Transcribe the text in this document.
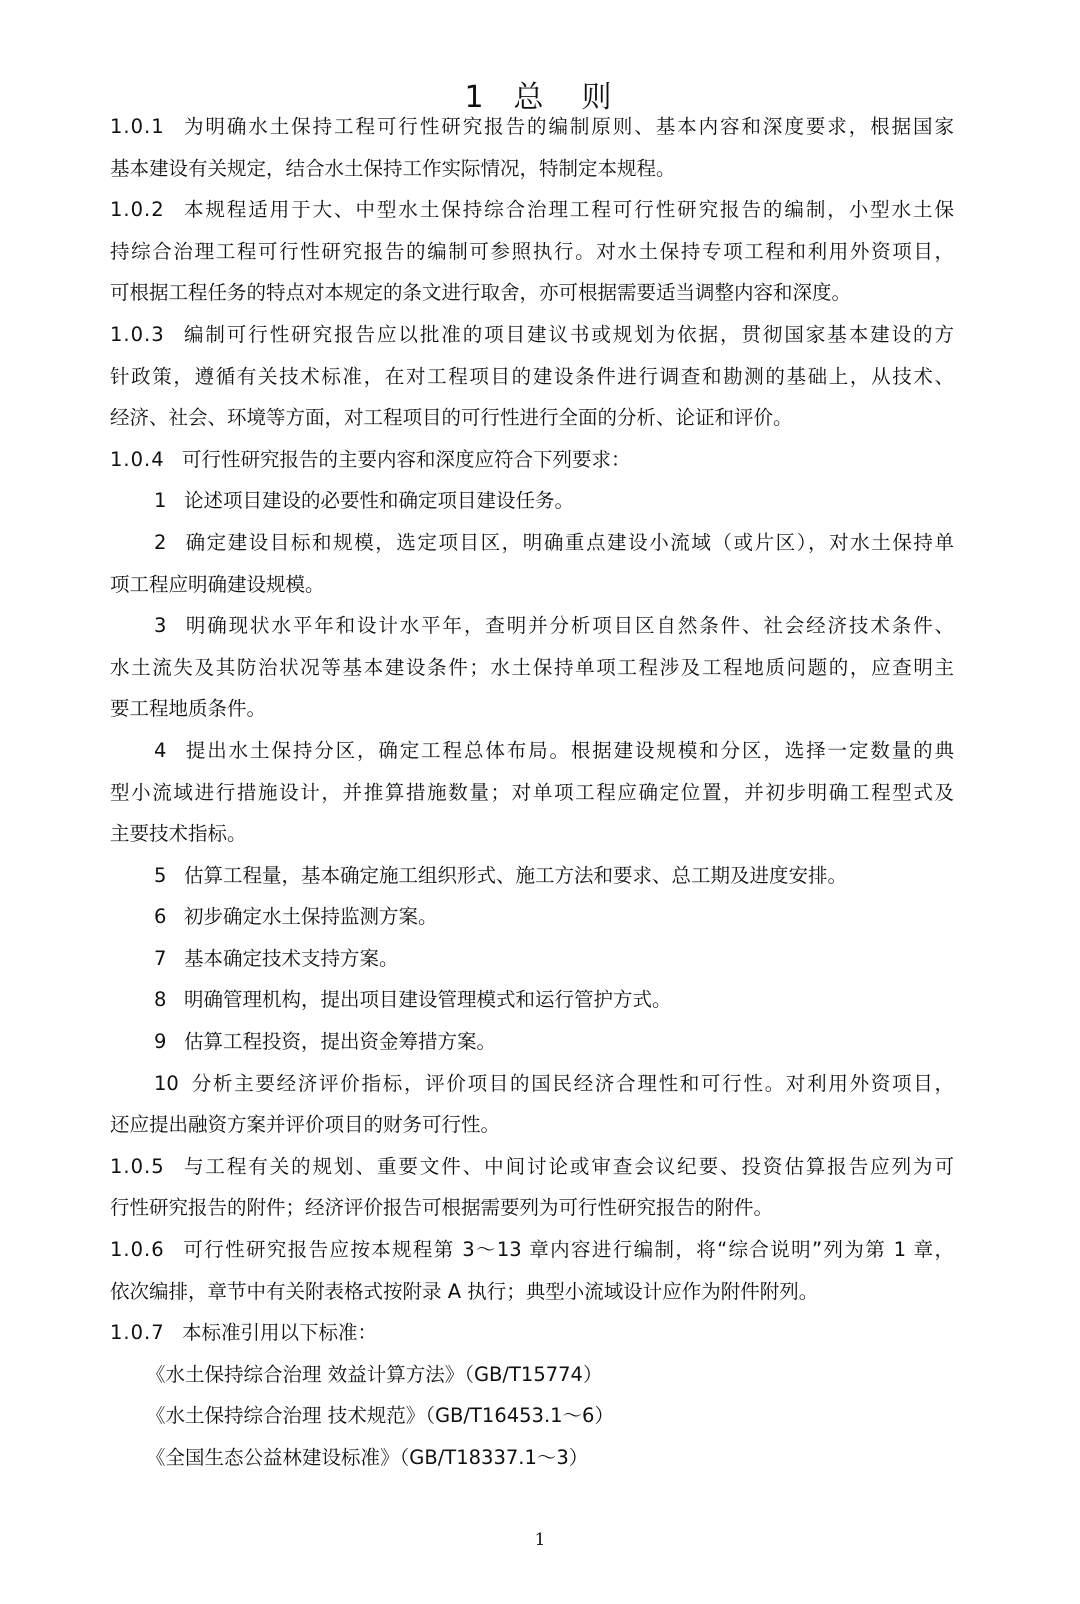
1 总　则
1.0.1 为明确水土保持工程可行性研究报告的编制原则、基本内容和深度要求，根据国家
基本建设有关规定，结合水土保持工作实际情况，特制定本规程。
1.0.2 本规程适用于大、中型水土保持综合治理工程可行性研究报告的编制，小型水土保
持综合治理工程可行性研究报告的编制可参照执行。对水土保持专项工程和利用外资项目，
可根据工程任务的特点对本规定的条文进行取舍，亦可根据需要适当调整内容和深度。
1.0.3 编制可行性研究报告应以批准的项目建议书或规划为依据，贯彻国家基本建设的方
针政策，遵循有关技术标准，在对工程项目的建设条件进行调查和勘测的基础上，从技术、
经济、社会、环境等方面，对工程项目的可行性进行全面的分析、论证和评价。
1.0.4 可行性研究报告的主要内容和深度应符合下列要求：
1 论述项目建设的必要性和确定项目建设任务。
2 确定建设目标和规模，选定项目区，明确重点建设小流域（或片区），对水土保持单
项工程应明确建设规模。
3 明确现状水平年和设计水平年，查明并分析项目区自然条件、社会经济技术条件、
水土流失及其防治状况等基本建设条件；水土保持单项工程涉及工程地质问题的，应查明主
要工程地质条件。
4 提出水土保持分区，确定工程总体布局。根据建设规模和分区，选择一定数量的典
型小流域进行措施设计，并推算措施数量；对单项工程应确定位置，并初步明确工程型式及
主要技术指标。
5 估算工程量，基本确定施工组织形式、施工方法和要求、总工期及进度安排。
6 初步确定水土保持监测方案。
7 基本确定技术支持方案。
8 明确管理机构，提出项目建设管理模式和运行管护方式。
9 估算工程投资，提出资金筹措方案。
10 分析主要经济评价指标，评价项目的国民经济合理性和可行性。对利用外资项目，
还应提出融资方案并评价项目的财务可行性。
1.0.5 与工程有关的规划、重要文件、中间讨论或审查会议纪要、投资估算报告应列为可
行性研究报告的附件；经济评价报告可根据需要列为可行性研究报告的附件。
1.0.6 可行性研究报告应按本规程第 3～13 章内容进行编制，将“综合说明”列为第 1 章，
依次编排，章节中有关附表格式按附录 A 执行；典型小流域设计应作为附件附列。
1.0.7 本标准引用以下标准：
《水土保持综合治理 效益计算方法》（GB/T15774）
《水土保持综合治理 技术规范》（GB/T16453.1～6）
《全国生态公益林建设标准》（GB/T18337.1～3）
1
